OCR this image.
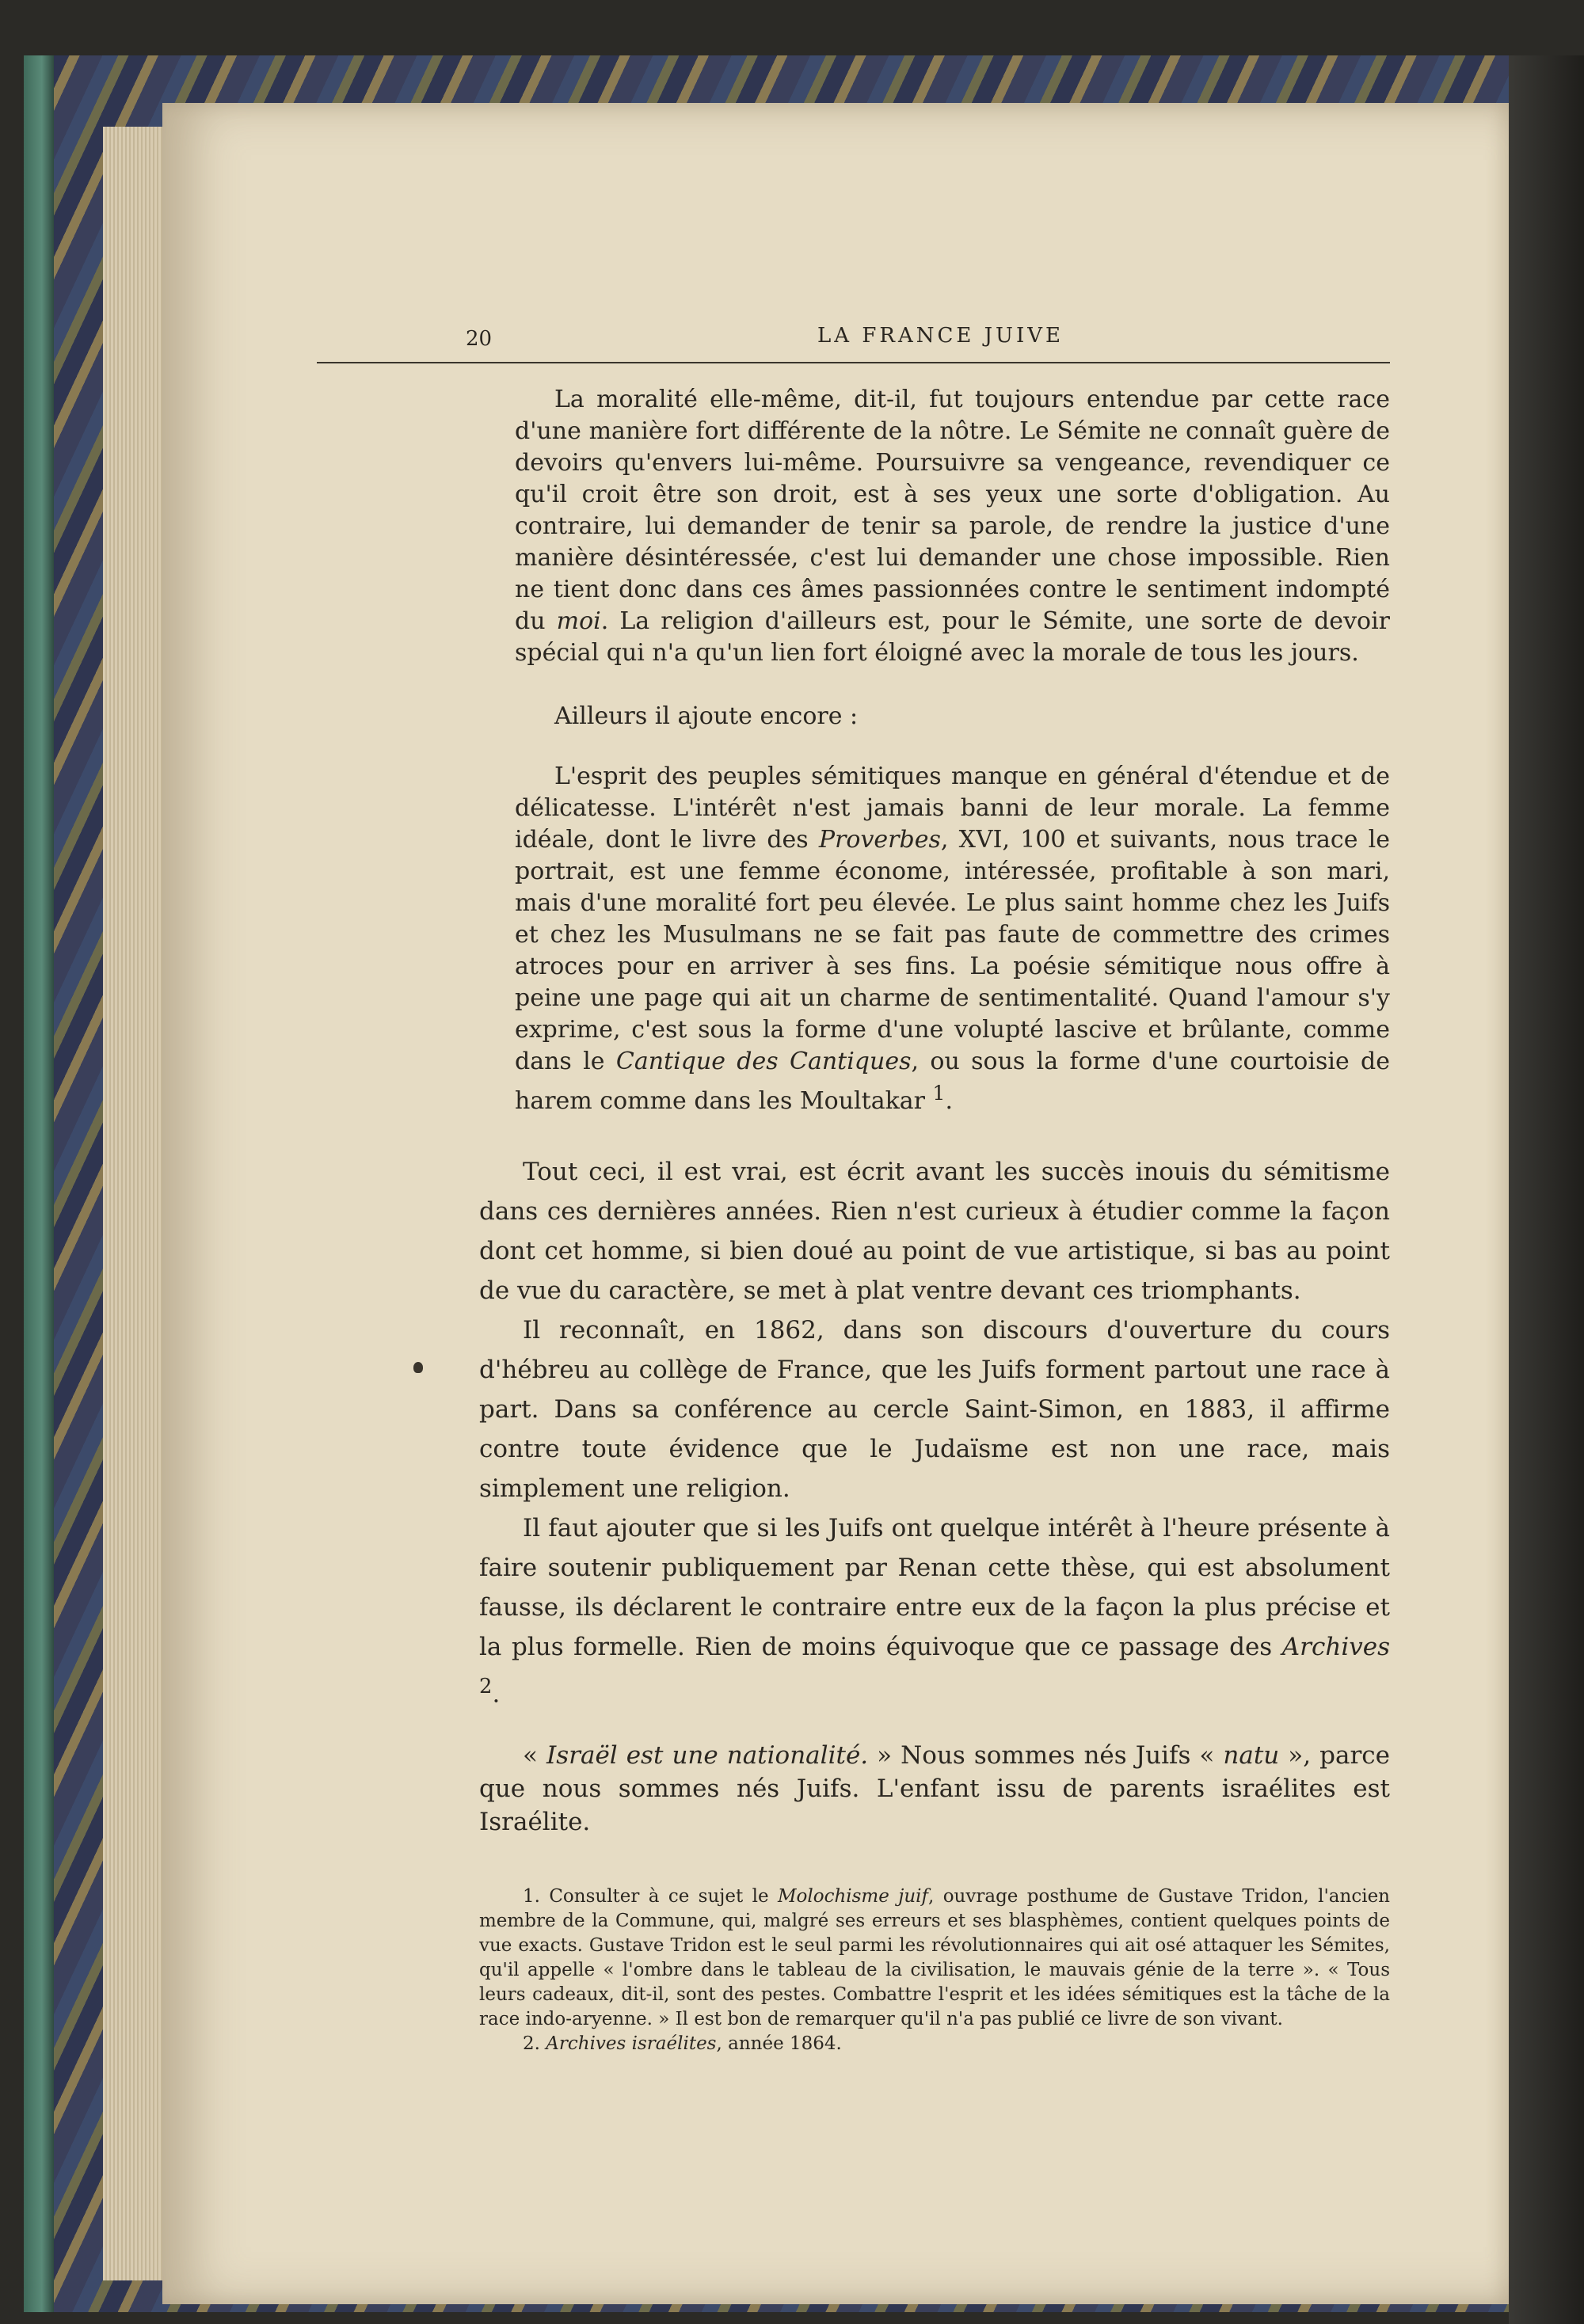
20	LA FRANCE JUIVE

La moralité elle-même, dit-il, fut toujours entendue par cette race d'une manière fort différente de la nôtre. Le Sémite ne connaît guère de devoirs qu'envers lui-même. Poursuivre sa vengeance, revendiquer ce qu'il croit être son droit, est à ses yeux une sorte d'obligation. Au contraire, lui demander de tenir sa parole, de rendre la justice d'une manière désintéressée, c'est lui demander une chose impossible. Rien ne tient donc dans ces âmes passionnées contre le sentiment indompté du moi. La religion d'ailleurs est, pour le Sémite, une sorte de devoir spécial qui n'a qu'un lien fort éloigné avec la morale de tous les jours.

Ailleurs il ajoute encore :

L'esprit des peuples sémitiques manque en général d'étendue et de délicatesse. L'intérêt n'est jamais banni de leur morale. La femme idéale, dont le livre des Proverbes, XVI, 100 et suivants, nous trace le portrait, est une femme économe, intéressée, profitable à son mari, mais d'une moralité fort peu élevée. Le plus saint homme chez les Juifs et chez les Musulmans ne se fait pas faute de commettre des crimes atroces pour en arriver à ses fins. La poésie sémitique nous offre à peine une page qui ait un charme de sentimentalité. Quand l'amour s'y exprime, c'est sous la forme d'une volupté lascive et brûlante, comme dans le Cantique des Cantiques, ou sous la forme d'une courtoisie de harem comme dans les Moultakar $^1$.

Tout ceci, il est vrai, est écrit avant les succès inouis du sémitisme dans ces dernières années. Rien n'est curieux à étudier comme la façon dont cet homme, si bien doué au point de vue artistique, si bas au point de vue du caractère, se met à plat ventre devant ces triomphants.

Il reconnaît, en 1862, dans son discours d'ouverture du cours d'hébreu au collège de France, que les Juifs forment partout une race à part. Dans sa conférence au cercle Saint-Simon, en 1883, il affirme contre toute évidence que le Judaïsme est non une race, mais simplement une religion.

Il faut ajouter que si les Juifs ont quelque intérêt à l'heure présente à faire soutenir publiquement par Renan cette thèse, qui est absolument fausse, ils déclarent le contraire entre eux de la façon la plus précise et la plus formelle. Rien de moins équivoque que ce passage des Archives $^2$.

« Israël est une nationalité. » Nous sommes nés Juifs « natu », parce que nous sommes nés Juifs. L'enfant issu de parents israélites est Israélite.

1. Consulter à ce sujet le Molochisme juif, ouvrage posthume de Gustave Tridon, l'ancien membre de la Commune, qui, malgré ses erreurs et ses blasphèmes, contient quelques points de vue exacts. Gustave Tridon est le seul parmi les révolutionnaires qui ait osé attaquer les Sémites, qu'il appelle « l'ombre dans le tableau de la civilisation, le mauvais génie de la terre ». « Tous leurs cadeaux, dit-il, sont des pestes. Combattre l'esprit et les idées sémitiques est la tâche de la race indo-aryenne. » Il est bon de remarquer qu'il n'a pas publié ce livre de son vivant.

2. Archives israélites, année 1864.
